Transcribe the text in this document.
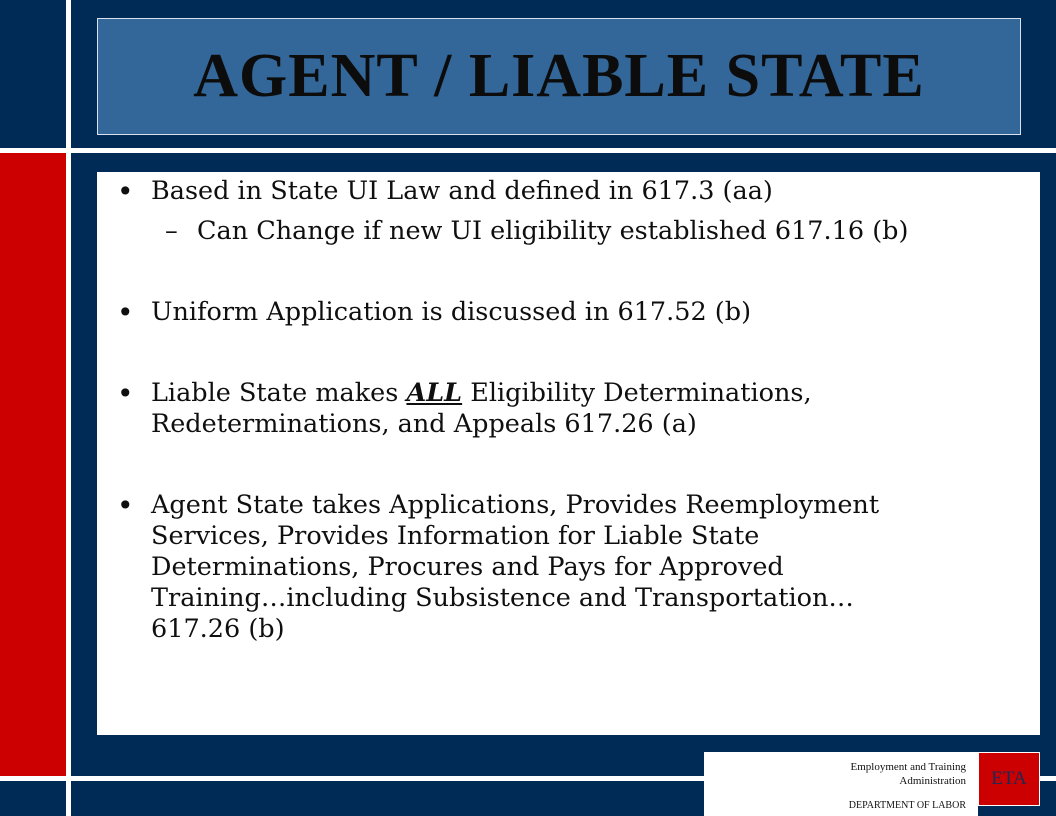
AGENT / LIABLE STATE
• Based in State UI Law and defined in 617.3 (aa)
– Can Change if new UI eligibility established 617.16 (b)
• Uniform Application is discussed in 617.52 (b)
• Liable State makes ALL Eligibility Determinations,
Redeterminations, and Appeals 617.26 (a)
• Agent State takes Applications, Provides Reemployment
Services, Provides Information for Liable State
Determinations, Procures and Pays for Approved
Training…including Subsistence and Transportation…
617.26 (b)
Employment and Training
Administration
DEPARTMENT OF LABOR
ETA
